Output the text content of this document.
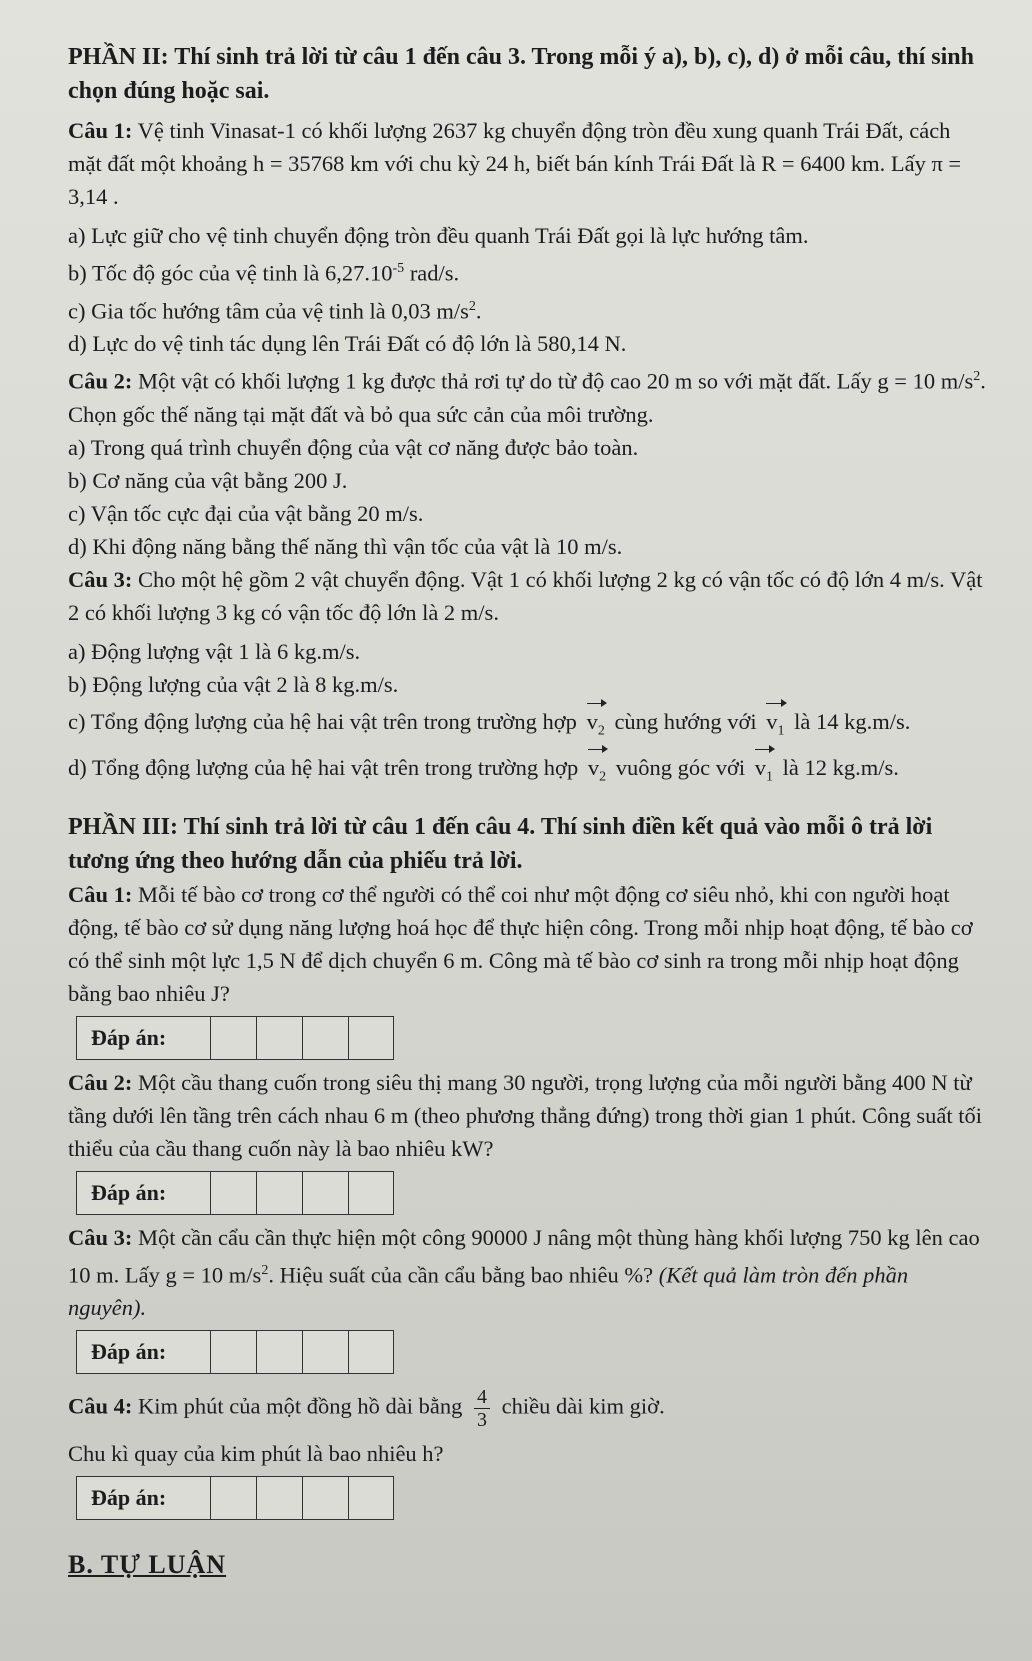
PHẦN II: Thí sinh trả lời từ câu 1 đến câu 3. Trong mỗi ý a), b), c), d) ở mỗi câu, thí sinh chọn đúng hoặc sai.

Câu 1: Vệ tinh Vinasat-1 có khối lượng 2637 kg chuyển động tròn đều xung quanh Trái Đất, cách mặt đất một khoảng h = 35768 km với chu kỳ 24 h, biết bán kính Trái Đất là R = 6400 km. Lấy π = 3,14 .

a) Lực giữ cho vệ tinh chuyển động tròn đều quanh Trái Đất gọi là lực hướng tâm.

b) Tốc độ góc của vệ tinh là $6,27.10^{-5}$ rad/s.

c) Gia tốc hướng tâm của vệ tinh là 0,03 $m/s^2$.

d) Lực do vệ tinh tác dụng lên Trái Đất có độ lớn là 580,14 N.

Câu 2: Một vật có khối lượng 1 kg được thả rơi tự do từ độ cao 20 m so với mặt đất. Lấy g = 10 $m/s^2$. Chọn gốc thế năng tại mặt đất và bỏ qua sức cản của môi trường.

a) Trong quá trình chuyển động của vật cơ năng được bảo toàn.

b) Cơ năng của vật bằng 200 J.

c) Vận tốc cực đại của vật bằng 20 m/s.

d) Khi động năng bằng thế năng thì vận tốc của vật là 10 m/s.

Câu 3: Cho một hệ gồm 2 vật chuyển động. Vật 1 có khối lượng 2 kg có vận tốc có độ lớn 4 m/s. Vật 2 có khối lượng 3 kg có vận tốc độ lớn là 2 m/s.

a) Động lượng vật 1 là 6 kg.m/s.

b) Động lượng của vật 2 là 8 kg.m/s.

c) Tổng động lượng của hệ hai vật trên trong trường hợp $v_2$ cùng hướng với $v_1$ là 14 kg.m/s.

d) Tổng động lượng của hệ hai vật trên trong trường hợp $v_2$ vuông góc với $v_1$ là 12 kg.m/s.

PHẦN III: Thí sinh trả lời từ câu 1 đến câu 4. Thí sinh điền kết quả vào mỗi ô trả lời tương ứng theo hướng dẫn của phiếu trả lời.

Câu 1: Mỗi tế bào cơ trong cơ thể người có thể coi như một động cơ siêu nhỏ, khi con người hoạt động, tế bào cơ sử dụng năng lượng hoá học để thực hiện công. Trong mỗi nhịp hoạt động, tế bào cơ có thể sinh một lực 1,5 N để dịch chuyển 6 m. Công mà tế bào cơ sinh ra trong mỗi nhịp hoạt động bằng bao nhiêu J?

Đáp án:

Câu 2: Một cầu thang cuốn trong siêu thị mang 30 người, trọng lượng của mỗi người bằng 400 N từ tầng dưới lên tầng trên cách nhau 6 m (theo phương thẳng đứng) trong thời gian 1 phút. Công suất tối thiểu của cầu thang cuốn này là bao nhiêu kW?

Đáp án:

Câu 3: Một cần cẩu cần thực hiện một công 90000 J nâng một thùng hàng khối lượng 750 kg lên cao 10 m. Lấy g = 10 $m/s^2$. Hiệu suất của cần cẩu bằng bao nhiêu %? (Kết quả làm tròn đến phần nguyên).

Đáp án:

Câu 4: Kim phút của một đồng hồ dài bằng $\frac{4}{3}$ chiều dài kim giờ.

Chu kì quay của kim phút là bao nhiêu h?

Đáp án:

B. TỰ LUẬN
